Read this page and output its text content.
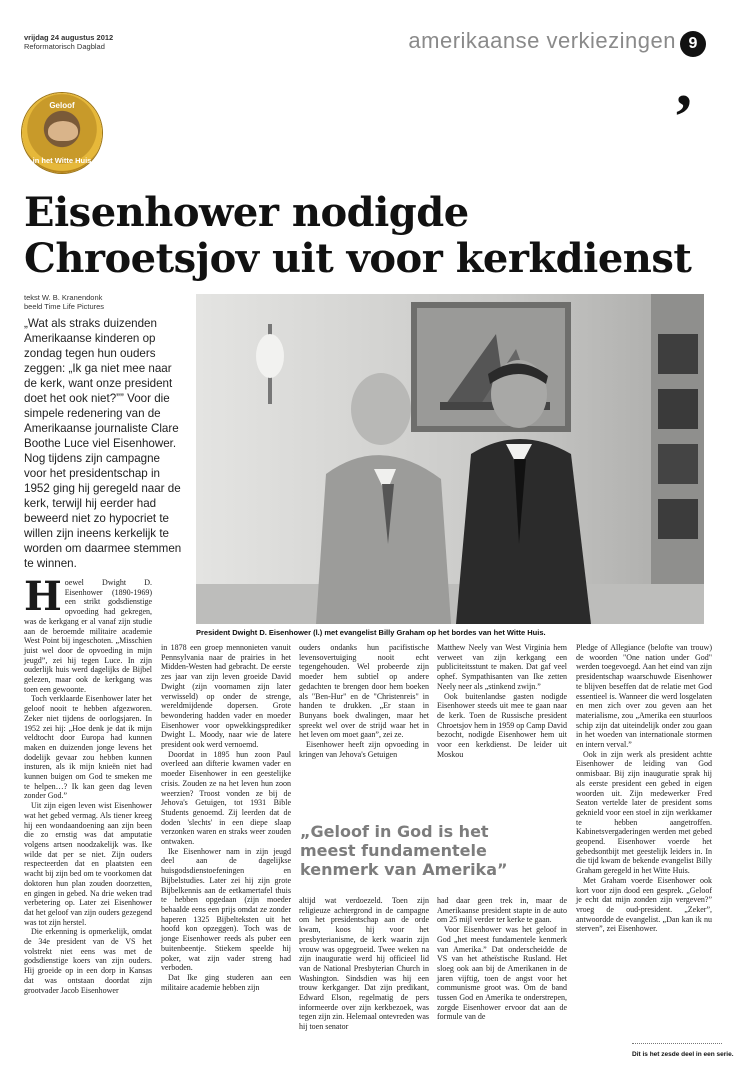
vrijdag 24 augustus 2012
Reformatorisch Dagblad	amerikaanse verkiezingen 9
,
Geloof
in het Witte Huis
Eisenhower nodigde Chroetsjov uit voor kerkdienst
tekst W. B. Kranendonk
beeld Time Life Pictures
„Wat als straks duizenden Amerikaanse kinderen op zondag tegen hun ouders zeggen: „Ik ga niet mee naar de kerk, want onze president doet het ook niet?”” Voor die simpele redenering van de Amerikaanse journaliste Clare Boothe Luce viel Eisenhower. Nog tijdens zijn campagne voor het presidentschap in 1952 ging hij geregeld naar de kerk, terwijl hij eerder had beweerd niet zo hypocriet te willen zijn ineens kerkelijk te worden om daarmee stemmen te winnen.
President Dwight D. Eisenhower (l.) met evangelist Billy Graham op het bordes van het Witte Huis.
H oewel Dwight D. Eisenhower (1890-1969) een strikt godsdienstige opvoeding had gekregen, was de kerkgang er al vanaf zijn studie aan de beroemde militaire academie West Point bij ingeschoten. „Misschien juist wel door de opvoeding in mijn jeugd”, zei hij tegen Luce. In zijn ouderlijk huis werd dagelijks de Bijbel gelezen, maar ook de kerkgang was toen een gewoonte.

Toch verklaarde Eisenhower later het geloof nooit te hebben afgezworen. Zeker niet tijdens de oorlogsjaren. In 1952 zei hij: „Hoe denk je dat ik mijn veldtocht door Europa had kunnen maken en duizenden jonge levens het dodelijk gevaar zou hebben kunnen insturen, als ik mijn knieën niet had kunnen buigen om God te smeken me te helpen…? Ik kan geen dag leven zonder God.”

Uit zijn eigen leven wist Eisenhower wat het gebed vermag. Als tiener kreeg hij een wondaandoening aan zijn been die zo ernstig was dat amputatie volgens artsen noodzakelijk was. Ike wilde dat per se niet. Zijn ouders respecteerden dat en plaatsten een wacht bij zijn bed om te voorkomen dat doktoren hun plan zouden doorzetten, en gingen in gebed. Na drie weken trad verbetering op. Later zei Eisenhower dat het geloof van zijn ouders gezegend was tot zijn herstel.

Die erkenning is opmerkelijk, omdat de 34e president van de VS het volstrekt niet eens was met de godsdienstige koers van zijn ouders. Hij groeide op in een dorp in Kansas dat was ontstaan doordat zijn grootvader Jacob Eisenhower

in 1878 een groep mennonieten vanuit Pennsylvania naar de prairies in het Midden-Westen had gebracht. De eerste zes jaar van zijn leven groeide David Dwight (zijn voornamen zijn later verwisseld) op onder de strenge, wereldmijdende dopersen. Grote bewondering hadden vader en moeder Eisenhower voor opwekkingsprediker Dwight L. Moody, naar wie de latere president ook werd vernoemd.

Doordat in 1895 hun zoon Paul overleed aan difterie kwamen vader en moeder Eisenhower in een geestelijke crisis. Zouden ze na het leven hun zoon weerzien? Troost vonden ze bij de Jehova's Getuigen, tot 1931 Bible Students genoemd. Zij leerden dat de doden 'slechts' in een diepe slaap verzonken waren en straks weer zouden ontwaken.

Ike Eisenhower nam in zijn jeugd deel aan de dagelijkse huisgodsdienstoefeningen en Bijbelstudies. Later zei hij zijn grote Bijbelkennis aan de eetkamertafel thuis te hebben opgedaan (zijn moeder behaalde eens een prijs omdat ze zonder haperen 1325 Bijbelteksten uit het hoofd kon opzeggen). Toch was de jonge Eisenhower reeds als puber een buitenbeentje. Stiekem speelde hij poker, wat zijn vader streng had verboden.

Dat Ike ging studeren aan een militaire academie hebben zijn

ouders ondanks hun pacifistische levensovertuiging nooit echt tegengehouden. Wel probeerde zijn moeder hem subtiel op andere gedachten te brengen door hem boeken als "Ben-Hur" en de "Christenreis" in handen te drukken. „Er staan in Bunyans boek dwalingen, maar het spreekt wel over de strijd waar het in het leven om moet gaan”, zei ze.

Eisenhower heeft zijn opvoeding in kringen van Jehova's Getuigen

Matthew Neely van West Virginia hem verweet van zijn kerkgang een publiciteitsstunt te maken. Dat gaf veel ophef. Sympathisanten van Ike zetten Neely neer als „stinkend zwijn.”

Ook buitenlandse gasten nodigde Eisenhower steeds uit mee te gaan naar de kerk. Toen de Russische president Chroetsjov hem in 1959 op Camp David bezocht, nodigde Eisenhower hem uit voor een kerkdienst. De leider uit Moskou

„Geloof in God is het meest fundamentele kenmerk van Amerika”

altijd wat verdoezeld. Toen zijn religieuze achtergrond in de campagne om het presidentschap aan de orde kwam, koos hij voor het presbyterianisme, de kerk waarin zijn vrouw was opgegroeid. Twee weken na zijn inauguratie werd hij officieel lid van de National Presbyterian Church in Washington. Sindsdien was hij een trouw kerkganger. Dat zijn predikant, Edward Elson, regelmatig de pers informeerde over zijn kerkbezoek, was tegen zijn zin. Helemaal ontevreden was hij toen senator

had daar geen trek in, maar de Amerikaanse president stapte in de auto om 25 mijl verder ter kerke te gaan.

Voor Eisenhower was het geloof in God „het meest fundamentele kenmerk van Amerika.” Dat onderscheidde de VS van het atheïstische Rusland. Het sloeg ook aan bij de Amerikanen in de jaren vijftig, toen de angst voor het communisme groot was. Om de band tussen God en Amerika te onderstrepen, zorgde Eisenhower ervoor dat aan de formule van de

Pledge of Allegiance (belofte van trouw) de woorden "One nation under God" werden toegevoegd. Aan het eind van zijn presidentschap waarschuwde Eisenhower te blijven beseffen dat de relatie met God essentieel is. Wanneer die werd losgelaten en men zich over zou geven aan het materialisme, zou „Amerika een stuurloos schip zijn dat uiteindelijk onder zou gaan in het woeden van internationale stormen en intern verval.”

Ook in zijn werk als president achtte Eisenhower de leiding van God onmisbaar. Bij zijn inauguratie sprak hij als eerste president een gebed in eigen woorden uit. Zijn medewerker Fred Seaton vertelde later de president soms geknield voor een stoel in zijn werkkamer te hebben aangetroffen. Kabinetsvergaderingen werden met gebed geopend. Eisenhower voerde het gebedsontbijt met geestelijk leiders in. In die tijd kwam de bekende evangelist Billy Graham geregeld in het Witte Huis.

Met Graham voerde Eisenhower ook kort voor zijn dood een gesprek. „Geloof je echt dat mijn zonden zijn vergeven?” vroeg de oud-president. „Zeker”, antwoordde de evangelist. „Dan kan ik nu sterven”, zei Eisenhower.

Dit is het zesde deel in een serie.
